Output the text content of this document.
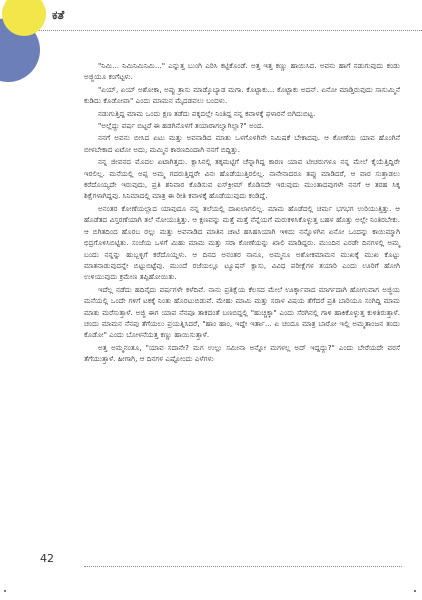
ಕತೆ

"ನಿಮಿ... ನಿಮಿನಿಮಿನಿಮಿ..." ಎನ್ನುತ್ತ ಬುಂಗಿ ಎರಿಸಿ ಕಟ್ಟಿಕೊಂಡೆ. ಅತ್ತ ಇತ್ತ ಕಣ್ಣು ಹಾಯಿಸಿದ. ಅವನು ಹಾಗೆ ನಡುಗುವುದು ಕಂಡು ಅಜ್ಜಿಯೂ ಕಂಗೆಟ್ಟಳು.

"ಏಯ್, ಏಯ್ ಅಶೋಕಾ, ಅಪ್ಪು ತ್ರಾಸು ಮಾಡ್ಕೊಬ್ಯಾಡ ಮಗಾ. ಕೊಟ್ಟಾಕು... ಕೊಟ್ಟಾಕು ಅದನ್. ಏನೋ ಮಾಡ್ತಿರುವುದು ಸಾಸುಮ್ಮಿನೆ ಕುಡಿದು ಕೊಡೋವಾ" ಎಂದು ಮಾಮನ ಮೈದಡವಲು ಬಂದಳು.

ನಡುಗುತ್ತಿದ್ದ ಮಾಮ ಒಂದು ಕ್ಷಣ ತಡೆದು ಪಕ್ಕದಲ್ಲೇ ನಿಂತಿದ್ದ ನನ್ನ ಕವಾಳಕ್ಕೆ ಫಳಾರನೆ ಬಿಗಿದುಬಿಟ್ಟ.

"ಅಲ್ಲೆದ್ದು ವರ್ಷ ಬಿಟ್ಟರೆ ಈ ಹಡಗಿನೊಳಗೆ ತಯಾರಾಗಲ್ವಾಗಿಲ್ಲಾ?" ಅಂದ.

ನನಗೆ ಅವನು ಬೀಸಿದ ಏಟು ಮತ್ತು ಅವನಾಡಿದ ಮಾತು ಒಳಗೊಳಗಿನೇ ನಿಮಿಷಕೆ ಬೇಕಾದವು. ಆ ಕೋಣೆಯ ಯಾವ ಹೊಂಗಿನೆ ಬೀಳಬೇಕಾದ ಏಟೋ ಅದು, ಮಮ್ಮಿನ ಕಾರಣದಿಂದಾಗಿ ನನಗೆ ಬಿದ್ದಿತ್ತು.

ನನ್ನ ಜೀವನದ ಮೊದಲ ಏಟಾಗಿತ್ತದು. ಕ್ಲಾಸಿನಲ್ಲಿ ತಕ್ಕಮಟ್ಟಿಗೆ ಚೆನ್ನಾಗಿದ್ದ ಕಾರಣ ಯಾವ ಟೀಚರುಗಳೂ ನನ್ನ ಮೇಲೆ ಕೈಯೆತ್ತಿದ್ದಿರೇ ಇರಲಿಲ್ಲ. ಮನೆಯಲ್ಲಿ ಅಪ್ಪ ಅಮ್ಮ ಗದರುತ್ತಿದ್ದರೇ ವಿನಃ ಹೊಡೆಯುತ್ತಿರಲಿಲ್ಲ. ನಾನೇನಾದರೂ ತಪ್ಪು ಮಾಡಿದರೆ, ಆ ವಾರ ಸುತ್ತಾಡಲು ಕರೆದೊಯ್ಯದೇ ಇರುವುದು, ಪ್ರತಿ ಶನಿವಾರ ಕೊಡಿಸುವ ಐಸ್‌ಕ್ರೀಮ್ ಕೊಡಿಸದೇ ಇರುವುದು ಮುಂತಾದವುಗಳೇ ನನಗೆ ಆ ತರಹ ಸಿಕ್ಕ ಶಿಕ್ಷೆಗಳಾಗಿದ್ದವು. ಸಿನಿಮಾದಲ್ಲಿ ಮಾತ್ರ ಈ ರೀತಿ ಕವಾಳಕ್ಕೆ ಹೊಡೆಯುವುದು ಕಂಡಿದ್ದೆ.

ಅನಂತರ ಕೋಣೆಯಲ್ಲಾದ ಯಾವುದೂ ನನ್ನ ತಲೆಯಲ್ಲಿ ದಾಖಲಾಗಲಿಲ್ಲ. ಮಾಮ ಹೊಡೆದಲ್ಲಿ ಚರ್ಮ ಭಗಭಗ ಉರಿಯುತ್ತಿತ್ತು. ಆ ಹೊಡೆತದ ವಿಸ್ತರಣೆಯಾಗಿ ತಲೆ ನೋಯುತ್ತಿತ್ತು. ಆ ಕ್ಷಣವನ್ನು ಮತ್ತೆ ಮತ್ತೆ ನೆನ್ನೆಯಗೆ ಮರುಕಳಿಸಿಕೊಳ್ಳುತ್ತ ಬಹಳ ಹೊತ್ತು ಅಲ್ಲೇ ನಿಂತಿರಬೇಕು. ಆ ಬಿಗಿತದಿಂದ ಹೊರಬ ರಲ್ಲು ಮತ್ತು ಅವನಾಡಿದ ಮಾತಿನ ಚಾಟಿ ಹಸಿಹಸಿಯಾಗಿ ಇಳಿದು ನನ್ನೊಳಗಿನ ಏನೋ ಒಂದನ್ನು ಕಾಯಿಮ್ಮಾಗಿ ಛಿದ್ರಗೊಳಿಸಿಬಿಟ್ಟಿತು. ಸಂಜೆಯ ಒಳಗೆ ಮಿಹು ಮಾಮ ಮತ್ತು ಸರಾ ಕೋಣೆಯನ್ನು ಖಾಲಿ ಮಾಡಿದ್ದರು. ಮುಂದಿನ ಎರಡೇ ದಿನಗಳಲ್ಲಿ ಅಮ್ಮ ಬಂದು ನನ್ನನ್ನು ಹುಬ್ಬಳ್ಳಿಗೆ ಕರೆದೊಯ್ದಳು. ಆ ದಿನದ ಅನಂತರ ನಾನೂ, ಅಮ್ಮನೂ ಅಶೋಕಮಾಮನ ಮುಖಕ್ಕೆ ಮುಖ ಕೊಟ್ಟು ಮಾತನಾಡುವುದನ್ನೇ ಬಿಟ್ಟುಬಿಟ್ಟೆವು. ಮುಂದೆ ರಜೆಯಲ್ಲೂ ಟ್ಯೂಷನ್ ಕ್ಲಾಸು, ವಿವಿಧ ಪರೀಕ್ಷೆಗಳ ತಯಾರಿ ಎಂದು ಊರಿಗೆ ಹೋಗಿ ಉಳಿಯುವುದು ಕ್ರಮೇಣ ತಪ್ಪಿಹೋಯಿತು.

ಇದೆಲ್ಲ ನಡೆದು ಹದಿನೈದು ವರ್ಷಗಳೇ ಕಳೆದಿವೆ. ನಾನು ಪ್ರತಿಕ್ಷೆಯ ಕೆಲಸದ ಮೇಲೆ ಊರ್ಕ್ಕಾವಾದ ಮಾರ್ಗದಾಗಿ ಹೋಗುವಾಗ ಅಜ್ಜಿಯ ಮನೆಯಲ್ಲಿ ಒಂದೇ ಗಳಿಗೆ ಟಕಕ್ಕೆ ನಿಂತು ಹೊರಟುಬಿಡುವೆ. ಮೇಹು ಮಾಮಿ ಮತ್ತು ಸರಾಳ ವಿಷಯ ತೆಗೆದರೆ ಪ್ರತಿ ಬಾರಿಯೂ ಸಂಗಿದ್ದಿ ಮಾಮ ಮಾತು ಮರೆಸುತ್ತಾಳೆ. ಅಜ್ಜಿ ಈಗ ಯಾವ ನೆನಪೂ ತಾಕದಂತೆ ಬಣಬಿದ್ದಲ್ಲಿ "ಹುಚ್ಚಕ್ಕಾ" ಎಂದು ಸೆರಗಿನಲ್ಲಿ ಗಾಳಿ ಹಾಕಿಕೊಳ್ಳುತ್ತ ಕುಳಿತಿರುತ್ತಾಳೆ. ಚಂದು ಮಾಮನ ನೆನಪು ತೆಗೆಯಲು ಪ್ರಯತ್ನಿಸಿದರೆ, "ಹಾಂ ಹಾಂ, ಇದ್ದೇ ಇರ್ತಾ... ಏ ಚಂದೂ ಮಾತ್ರ ಬಾರೋ ಇಲ್ಲಿ ಅಮ್ಮತಾಂಜನ ತಂದು ಕೊಡೋ" ಎಂದು ಬೋಳನೆಯತ್ತ ಕಣ್ಣು ಹಾಯಿಸುತ್ತಾಳೆ.

ಅತ್ತ ಅಮ್ಮನಂತೂ, "ಯಾವ ಸದಾನೇ? ಮಗ ಉಲ್ಲು ಸಮೀನಾ ಅನ್ನೋ ಮಗಳಲ್ಲ ಅದ್ ಇದ್ದದ್ದು?" ಎಂದು ಬೇರೆಯದೇ ವರಸೆ ತೆಗೆಯುತ್ತಾಳೆ. ಹೀಗಾಗಿ, ಆ ದಿನಗಳ ಎಷ್ಟೋಂದು ಎಳೆಗಳು

42
